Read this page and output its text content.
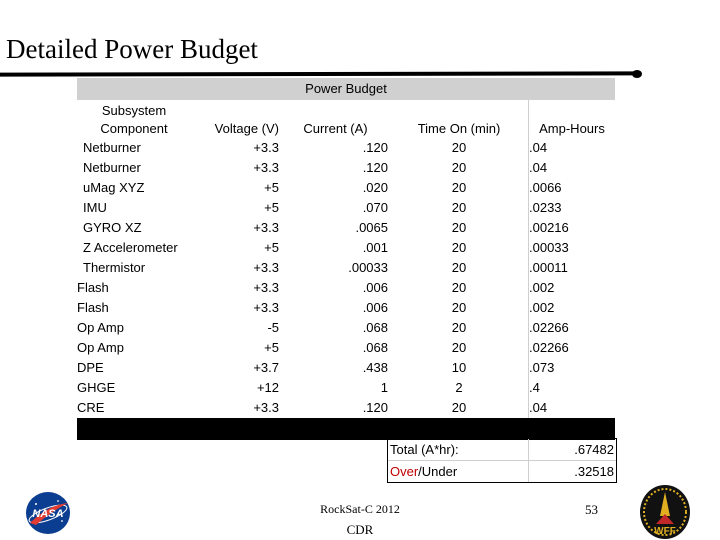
Detailed Power Budget
Power Budget
Subsystem
Component	Voltage (V)	Current (A)	Time On (min)	Amp-Hours
Netburner	+3.3	.120	20	.04
Netburner	+3.3	.120	20	.04
uMag XYZ	+5	.020	20	.0066
IMU	+5	.070	20	.0233
GYRO XZ	+3.3	.0065	20	.00216
Z Accelerometer	+5	.001	20	.00033
Thermistor	+3.3	.00033	20	.00011
Flash	+3.3	.006	20	.002
Flash	+3.3	.006	20	.002
Op Amp	-5	.068	20	.02266
Op Amp	+5	.068	20	.02266
DPE	+3.7	.438	10	.073
GHGE	+12	1	2	.4
CRE	+3.3	.120	20	.04
Total (A*hr):	.67482
Over/Under	.32518
NASA	RockSat-C 2012
CDR
53
WFF
